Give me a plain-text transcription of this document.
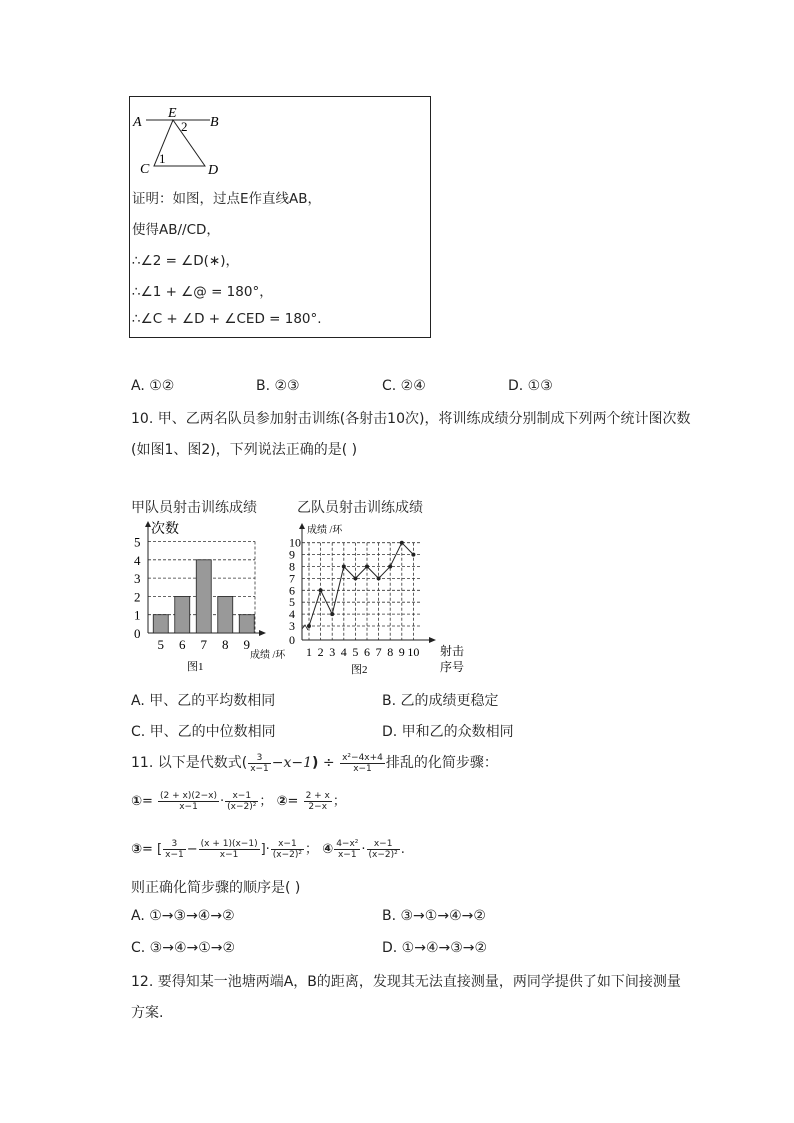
A
E
B
2
C
1
D
证明：如图，过点E作直线AB，
使得AB//CD，
∴∠2 = ∠D(∗)，
∴∠1 + ∠@ = 180°，
∴∠C + ∠D + ∠CED = 180°.
A. ①②	B. ②③	C. ②④	D. ①③
10. 甲、乙两名队员参加射击训练(各射击10次)，将训练成绩分别制成下列两个统计图次数
(如图1、图2)，下列说法正确的是( )
甲队员射击训练成绩	乙队员射击训练成绩
次数
0
1
2
3
4
5
5 6 7 8 9
成绩 /环
图1
成绩 /环
0
3
4
5
6
7
8
9
10
1 2 3 4 5 6 7 8 9 10 射击
序号
图2
A. 甲、乙的平均数相同	B. 乙的成绩更稳定
C. 甲、乙的中位数相同	D. 甲和乙的众数相同
11. 以下是代数式( $\frac{3}{x-1} -x-1) \div \frac{\text{x²−4x+4}}{x-1}$ 排乱的化简步骤：
①= $\frac{(2 + x)(2-x)}{x-1} \cdot \frac{x-1}{\text{(x−2)²}}$ ； ②= $\frac{2 + x}{2-x}$ ；
③= [ $\frac{3}{x-1} - \frac{(x + 1)(x-1)}{x-1}$ ]· $\frac{x-1}{\text{(x−2)²}}$ ； ④ $\frac{\text{4−x²}}{x-1} \cdot \frac{x-1}{\text{(x−2)²}}$ .
则正确化简步骤的顺序是( )
A. ①→③→④→②	B. ③→①→④→②
C. ③→④→①→②	D. ①→④→③→②
12. 要得知某一池塘两端A，B的距离，发现其无法直接测量，两同学提供了如下间接测量
方案.
